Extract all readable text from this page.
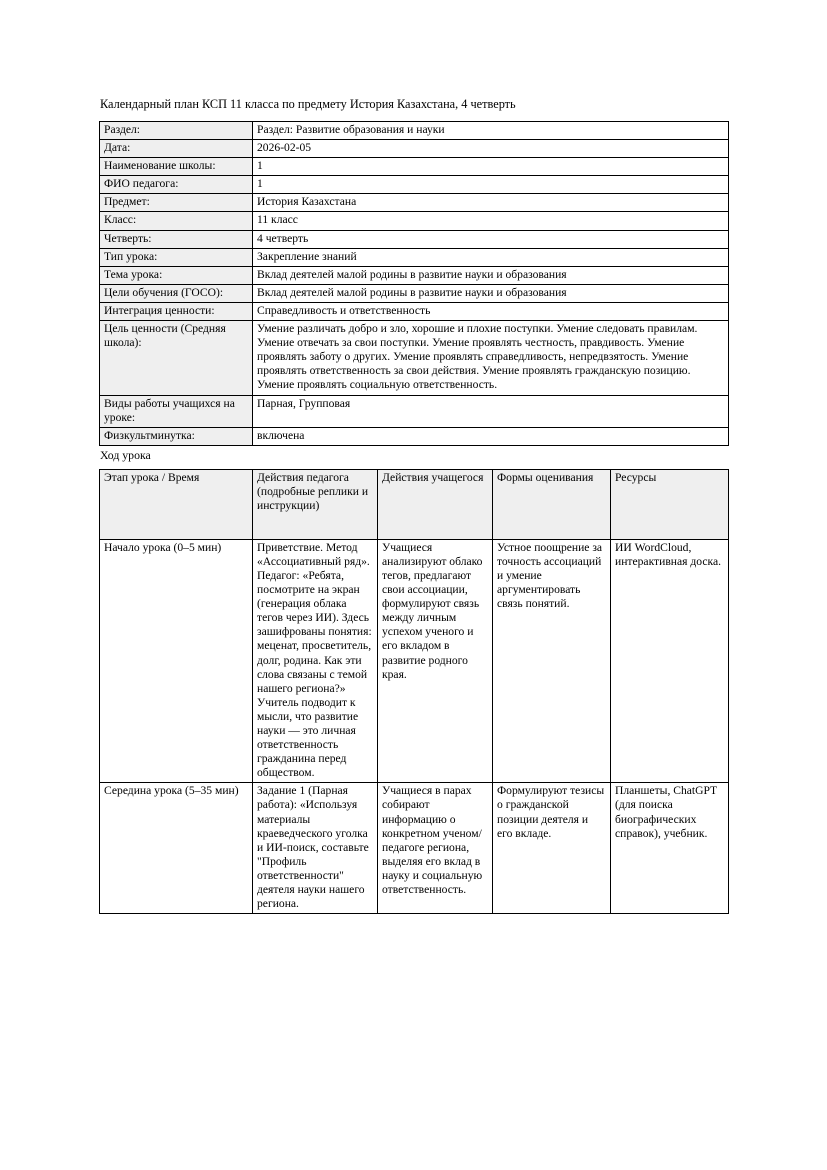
Календарный план КСП 11 класса по предмету История Казахстана, 4 четверть

Раздел:	Раздел: Развитие образования и науки
Дата:	2026-02-05
Наименование школы:	1
ФИО педагога:	1
Предмет:	История Казахстана
Класс:	11 класс
Четверть:	4 четверть
Тип урока:	Закрепление знаний
Тема урока:	Вклад деятелей малой родины в развитие науки и образования
Цели обучения (ГОСО):	Вклад деятелей малой родины в развитие науки и образования
Интеграция ценности:	Справедливость и ответственность
Цель ценности (Средняя школа):	Умение различать добро и зло, хорошие и плохие поступки. Умение следовать правилам. Умение отвечать за свои поступки. Умение проявлять честность, правдивость. Умение проявлять заботу о других. Умение проявлять справедливость, непредвзятость. Умение проявлять ответственность за свои действия. Умение проявлять гражданскую позицию. Умение проявлять социальную ответственность.
Виды работы учащихся на уроке:	Парная, Групповая
Физкультминутка:	включена

Ход урока

Этап урока / Время	Действия педагога (подробные реплики и инструкции)	Действия учащегося	Формы оценивания	Ресурсы
Начало урока (0–5 мин)	Приветствие. Метод «Ассоциативный ряд». Педагог: «Ребята, посмотрите на экран (генерация облака тегов через ИИ). Здесь зашифрованы понятия: меценат, просветитель, долг, родина. Как эти слова связаны с темой нашего региона?» Учитель подводит к мысли, что развитие науки — это личная ответственность гражданина перед обществом.	Учащиеся анализируют облако тегов, предлагают свои ассоциации, формулируют связь между личным успехом ученого и его вкладом в развитие родного края.	Устное поощрение за точность ассоциаций и умение аргументировать связь понятий.	ИИ WordCloud, интерактивная доска.
Середина урока (5–35 мин)	Задание 1 (Парная работа): «Используя материалы краеведческого уголка и ИИ-поиск, составьте "Профиль ответственности" деятеля науки нашего региона.	Учащиеся в парах собирают информацию о конкретном ученом/педагоге региона, выделяя его вклад в науку и социальную ответственность.	Формулируют тезисы о гражданской позиции деятеля и его вкладе.	Планшеты, ChatGPT (для поиска биографических справок), учебник.
